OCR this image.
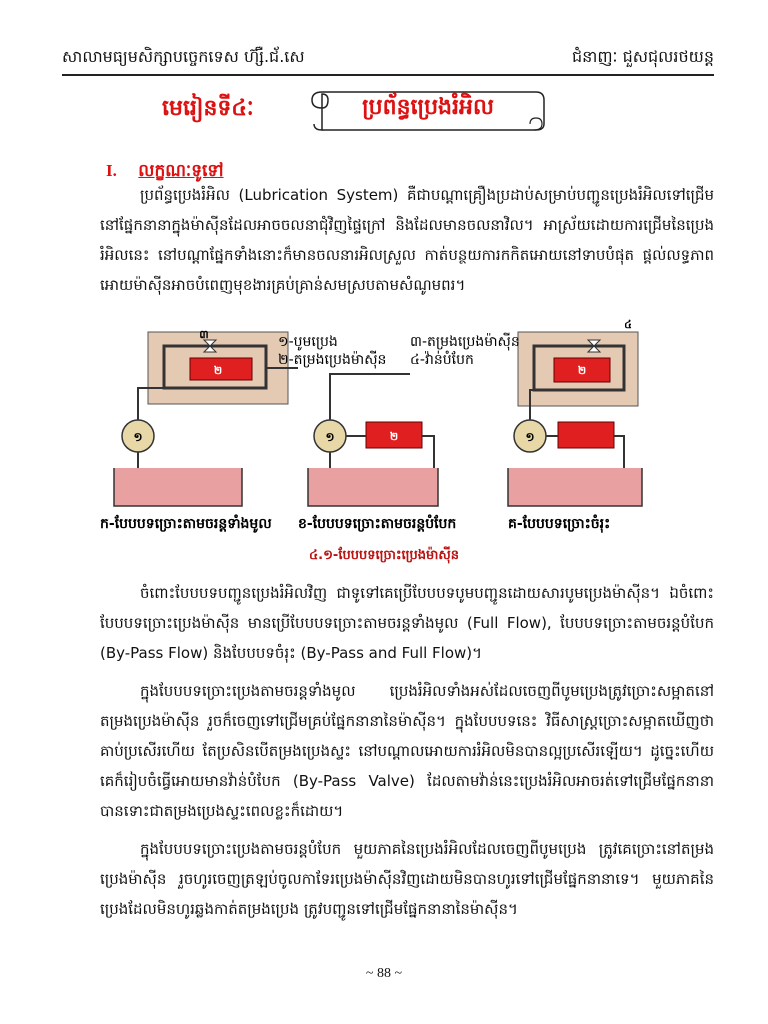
សាលាមធ្យមសិក្សាបច្ចេកទេស ហ៊្សឺ.ជ័.សេ	ជំនាញៈ ជួសជុលរថយន្ត
មេរៀនទី៤ៈ	ប្រព័ន្ធប្រេងរំអិល
I. លក្ខណៈទូទៅ
ប្រព័ន្ធប្រេងរំអិល (Lubrication System) គឺជាបណ្ដាគ្រឿងប្រដាប់សម្រាប់បញ្ជូនប្រេងរំអិលទៅជ្រើមនៅផ្នែកនានាក្នុងម៉ាស៊ីនដែលអាចចលនាជុំវិញផ្ទៃក្រៅ និងដែលមានចលនាវិល។ អាស្រ័យដោយការជ្រើមនៃប្រេងរំអិលនេះ នៅបណ្ដាផ្នែកទាំងនោះក៏មានចលនារអិលស្រួល កាត់បន្ថយការកកិតអោយនៅទាបបំផុត ផ្ដល់លទ្ធភាពអោយម៉ាស៊ីនអាចបំពេញមុខងារគ្រប់គ្រាន់សមស្របតាមសំណូមពរ។
១
២
៣
១	២	១
២
៤
១-បូមប្រេង
២-តម្រងប្រេងម៉ាស៊ីន
៣-តម្រងប្រេងម៉ាស៊ីន
៤-វ៉ាន់បំបែក
ក-បែបបទច្រោះតាមចរន្តទាំងមូល ខ-បែបបទច្រោះតាមចរន្តបំបែក	គ-បែបបទច្រោះចំរុះ
៤.១-បែបបទច្រោះប្រេងម៉ាស៊ីន
ចំពោះបែបបទបញ្ជូនប្រេងរំអិលវិញ ជាទូទៅគេប្រើបែបបទបូមបញ្ជូនដោយសារបូមប្រេងម៉ាស៊ីន។ ឯចំពោះបែបបទច្រោះប្រេងម៉ាស៊ីន មានប្រើបែបបទច្រោះតាមចរន្តទាំងមូល (Full Flow), បែបបទច្រោះតាមចរន្តបំបែក (By-Pass Flow) និងបែបបទចំរុះ (By-Pass and Full Flow)។
ក្នុងបែបបទច្រោះប្រេងតាមចរន្តទាំងមូល ប្រេងរំអិលទាំងអស់ដែលចេញពីបូមប្រេងត្រូវច្រោះសម្អាតនៅតម្រងប្រេងម៉ាស៊ីន រួចក៏ចេញទៅជ្រើមគ្រប់ផ្នែកនានានៃម៉ាស៊ីន។ ក្នុងបែបបទនេះ វិធីសាស្ត្រច្រោះសម្អាតឃើញថាគាប់ប្រសើរហើយ តែប្រសិនបើតម្រងប្រេងស្ទះ នៅបណ្ដាលអោយការរំអិលមិនបានល្អប្រសើរឡើយ។ ដូច្នេះហើយ គេក៏រៀបចំធ្វើអោយមានវ៉ាន់បំបែក (By-Pass Valve) ដែលតាមវ៉ាន់នេះប្រេងរំអិលអាចរត់ទៅជ្រើមផ្នែកនានាបានទោះជាតម្រងប្រេងស្ទះពេលខ្លះក៏ដោយ។
ក្នុងបែបបទច្រោះប្រេងតាមចរន្តបំបែក មួយភាគនៃប្រេងរំអិលដែលចេញពីបូមប្រេង ត្រូវគេច្រោះនៅតម្រងប្រេងម៉ាស៊ីន រួចហូរចេញត្រឡប់ចូលកាទែរប្រេងម៉ាស៊ីនវិញដោយមិនបានហូរទៅជ្រើមផ្នែកនានាទេ។ មួយភាគនៃប្រេងដែលមិនហូរឆ្លងកាត់តម្រងប្រេង ត្រូវបញ្ជូនទៅជ្រើមផ្នែកនានានៃម៉ាស៊ីន។
~ 88 ~
